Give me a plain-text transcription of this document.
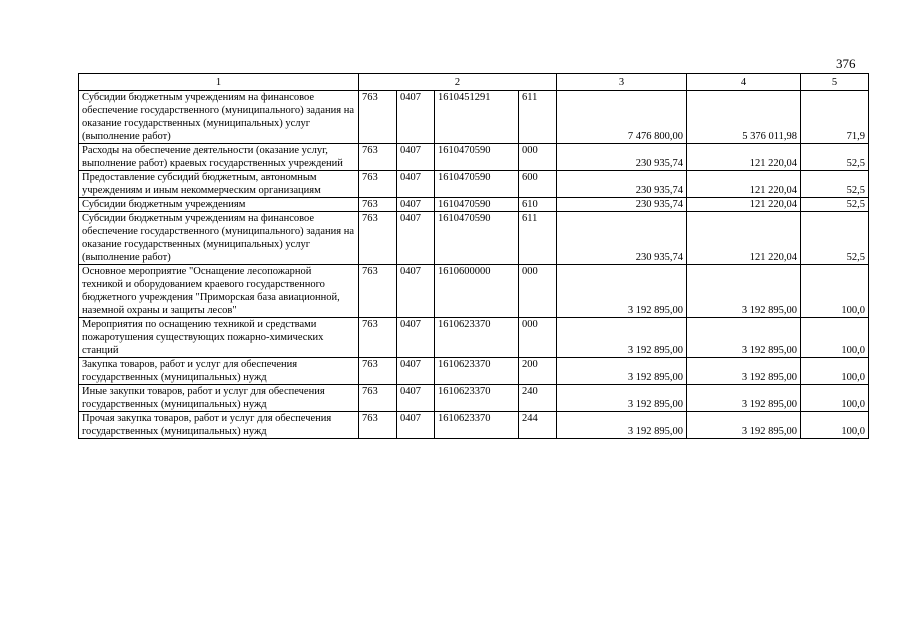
376
1	2				3	4	5
Субсидии бюджетным учреждениям на финансовое обеспечение государственного (муниципального) задания на оказание государственных (муниципальных) услуг (выполнение работ)	763	0407	1610451291	611	7 476 800,00	5 376 011,98	71,9
Расходы на обеспечение деятельности (оказание услуг, выполнение работ) краевых государственных учреждений	763	0407	1610470590	000	230 935,74	121 220,04	52,5
Предоставление субсидий бюджетным, автономным учреждениям и иным некоммерческим организациям	763	0407	1610470590	600	230 935,74	121 220,04	52,5
Субсидии бюджетным учреждениям	763	0407	1610470590	610	230 935,74	121 220,04	52,5
Субсидии бюджетным учреждениям на финансовое обеспечение государственного (муниципального) задания на оказание государственных (муниципальных) услуг (выполнение работ)	763	0407	1610470590	611	230 935,74	121 220,04	52,5
Основное мероприятие "Оснащение лесопожарной техникой и оборудованием краевого государственного бюджетного учреждения "Приморская база авиационной, наземной охраны и защиты лесов"	763	0407	1610600000	000	3 192 895,00	3 192 895,00	100,0
Мероприятия по оснащению техникой и средствами пожаротушения существующих пожарно-химических станций	763	0407	1610623370	000	3 192 895,00	3 192 895,00	100,0
Закупка товаров, работ и услуг для обеспечения государственных (муниципальных) нужд	763	0407	1610623370	200	3 192 895,00	3 192 895,00	100,0
Иные закупки товаров, работ и услуг для обеспечения государственных (муниципальных) нужд	763	0407	1610623370	240	3 192 895,00	3 192 895,00	100,0
Прочая закупка товаров, работ и услуг для обеспечения государственных (муниципальных) нужд	763	0407	1610623370	244	3 192 895,00	3 192 895,00	100,0
